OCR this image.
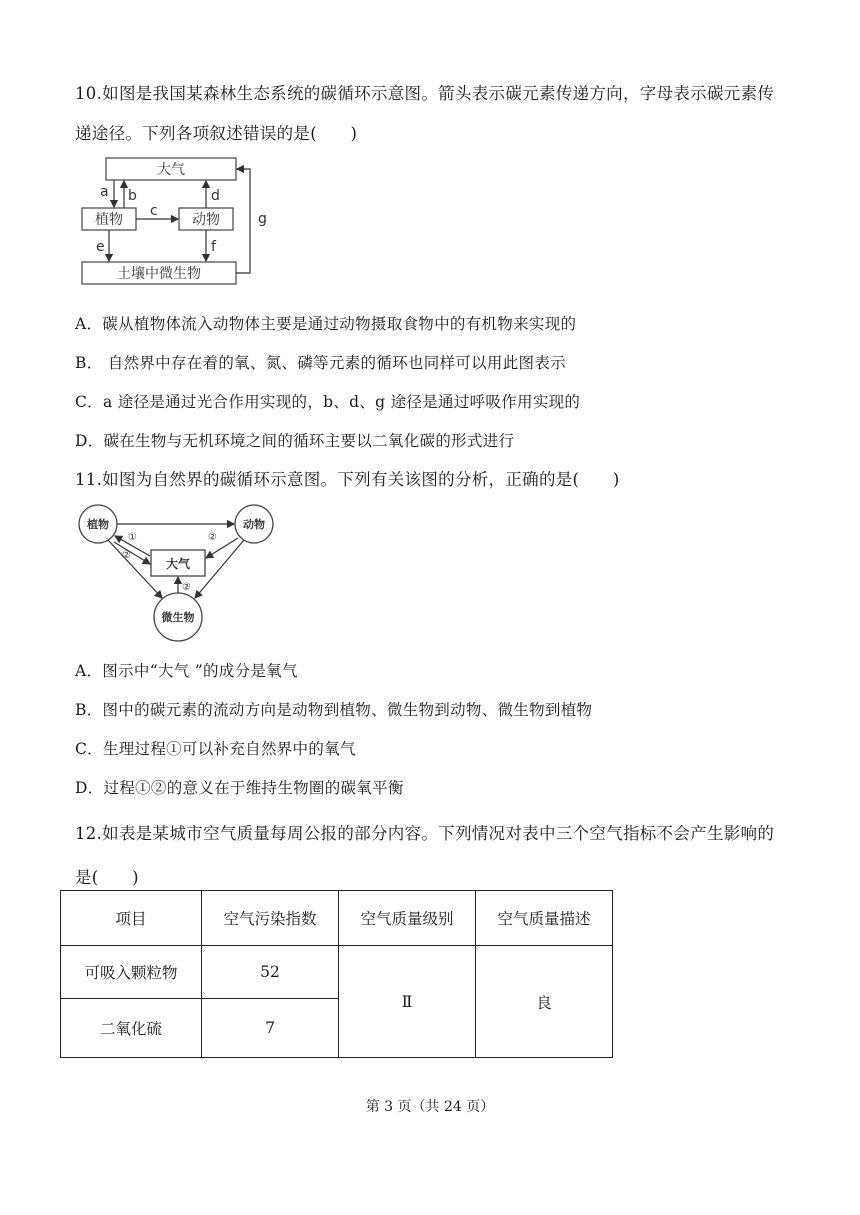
10.如图是我国某森林生态系统的碳循环示意图。箭头表示碳元素传递方向，字母表示碳元素传
递途径。下列各项叙述错误的是(　　)
大气
植物	动物
土壤中微生物
a b
c
d
e	f
g
A．碳从植物体流入动物体主要是通过动物摄取食物中的有机物来实现的
B． 自然界中存在着的氧、氮、磷等元素的循环也同样可以用此图表示
C．a 途径是通过光合作用实现的，b、d、g 途径是通过呼吸作用实现的
D．碳在生物与无机环境之间的循环主要以二氧化碳的形式进行
11.如图为自然界的碳循环示意图。下列有关该图的分析，正确的是(　　)
植物	动物
微生物
大气
①
②
②
②
A．图示中“大气 ”的成分是氧气
B．图中的碳元素的流动方向是动物到植物、微生物到动物、微生物到植物
C．生理过程①可以补充自然界中的氧气
D．过程①②的意义在于维持生物圈的碳氧平衡
12.如表是某城市空气质量每周公报的部分内容。下列情况对表中三个空气指标不会产生影响的
是(　　)
项目	空气污染指数	空气质量级别	空气质量描述
可吸入颗粒物	52	Ⅱ	良
二氧化硫	7		
第 3 页（共 24 页）
